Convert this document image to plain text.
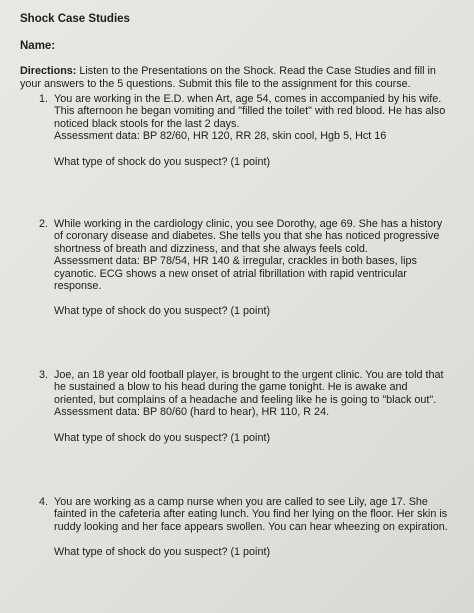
Shock Case Studies
Name:
Directions: Listen to the Presentations on the Shock. Read the Case Studies and fill in your answers to the 5 questions. Submit this file to the assignment for this course.
1. You are working in the E.D. when Art, age 54, comes in accompanied by his wife. This afternoon he began vomiting and "filled the toilet" with red blood. He has also noticed black stools for the last 2 days.
Assessment data: BP 82/60, HR 120, RR 28, skin cool, Hgb 5, Hct 16
What type of shock do you suspect? (1 point)
2. While working in the cardiology clinic, you see Dorothy, age 69. She has a history of coronary disease and diabetes. She tells you that she has noticed progressive shortness of breath and dizziness, and that she always feels cold.
Assessment data: BP 78/54, HR 140 & irregular, crackles in both bases, lips cyanotic. ECG shows a new onset of atrial fibrillation with rapid ventricular response.
What type of shock do you suspect? (1 point)
3. Joe, an 18 year old football player, is brought to the urgent clinic. You are told that he sustained a blow to his head during the game tonight. He is awake and oriented, but complains of a headache and feeling like he is going to "black out".
Assessment data: BP 80/60 (hard to hear), HR 110, R 24.
What type of shock do you suspect? (1 point)
4. You are working as a camp nurse when you are called to see Lily, age 17. She fainted in the cafeteria after eating lunch. You find her lying on the floor. Her skin is ruddy looking and her face appears swollen. You can hear wheezing on expiration.
What type of shock do you suspect? (1 point)
